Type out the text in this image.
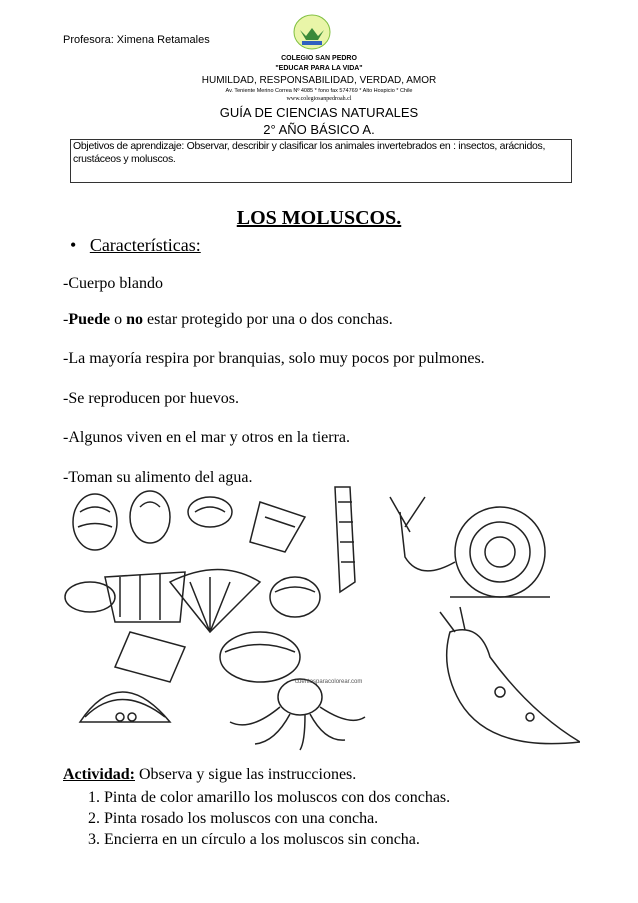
Profesora: Ximena Retamales
COLEGIO SAN PEDRO
"EDUCAR PARA LA VIDA"
HUMILDAD, RESPONSABILIDAD, VERDAD, AMOR
Av. Teniente Merino Correa Nº 4085 * fono fax 574769 * Alto Hospicio * Chile
www.colegiosanpedroah.cl
GUÍA DE CIENCIAS NATURALES
2° AÑO BÁSICO A.
Objetivos de aprendizaje: Observar, describir y clasificar los animales invertebrados en : insectos, arácnidos, crustáceos y moluscos.
LOS MOLUSCOS.
• Características:
-Cuerpo blando
-Puede o no estar protegido por una o dos conchas.
-La mayoría respira por branquias, solo muy pocos por pulmones.
-Se reproducen por huevos.
-Algunos viven en el mar y otros en la tierra.
-Toman su alimento del agua.
cuentosparacolorear.com
Actividad: Observa y sigue las instrucciones.
1. Pinta de color amarillo los moluscos con dos conchas.
2. Pinta rosado los moluscos con una concha.
3. Encierra en un círculo a los moluscos sin concha.
